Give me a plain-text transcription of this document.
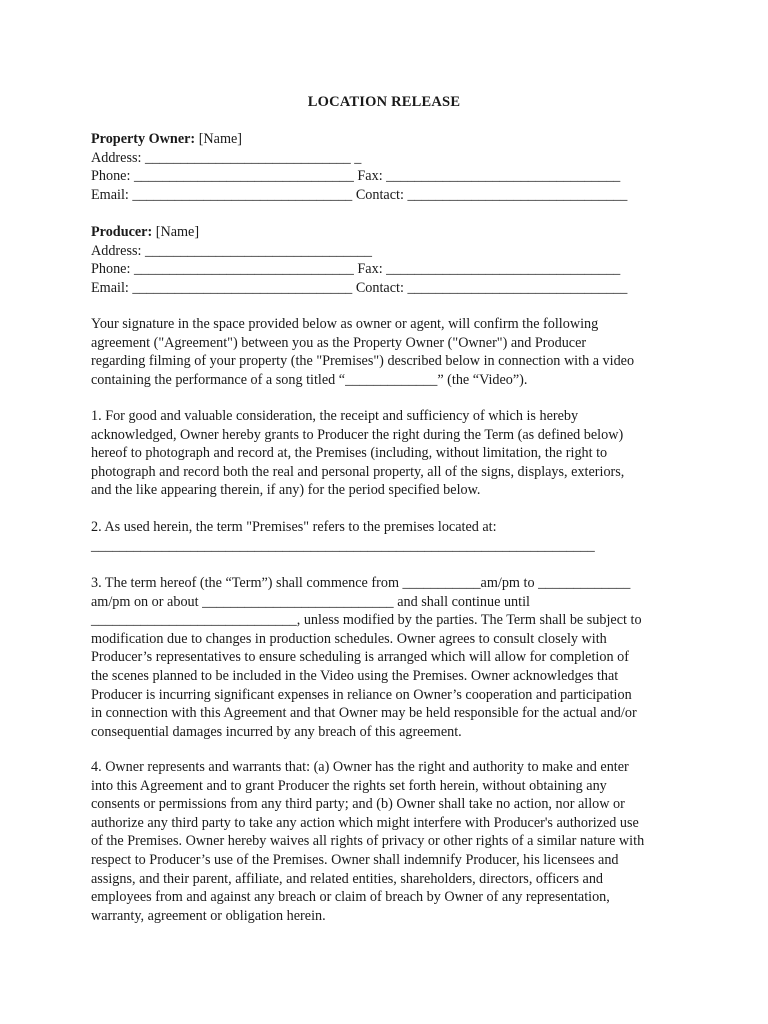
LOCATION RELEASE
Property Owner: [Name]
Address: _____________________________ _
Phone: _______________________________ Fax: _________________________________
Email: _______________________________ Contact: _______________________________
Producer: [Name]
Address: ________________________________
Phone: _______________________________ Fax: _________________________________
Email: _______________________________ Contact: _______________________________
Your signature in the space provided below as owner or agent, will confirm the following
agreement ("Agreement") between you as the Property Owner ("Owner") and Producer
regarding filming of your property (the "Premises") described below in connection with a video
containing the performance of a song titled “_____________” (the “Video”).
1. For good and valuable consideration, the receipt and sufficiency of which is hereby
acknowledged, Owner hereby grants to Producer the right during the Term (as defined below)
hereof to photograph and record at, the Premises (including, without limitation, the right to
photograph and record both the real and personal property, all of the signs, displays, exteriors,
and the like appearing therein, if any) for the period specified below.
2. As used herein, the term "Premises" refers to the premises located at:
_______________________________________________________________________
3. The term hereof (the “Term”) shall commence from ___________am/pm to _____________
am/pm on or about ___________________________ and shall continue until
_____________________________, unless modified by the parties. The Term shall be subject to
modification due to changes in production schedules. Owner agrees to consult closely with
Producer’s representatives to ensure scheduling is arranged which will allow for completion of
the scenes planned to be included in the Video using the Premises. Owner acknowledges that
Producer is incurring significant expenses in reliance on Owner’s cooperation and participation
in connection with this Agreement and that Owner may be held responsible for the actual and/or
consequential damages incurred by any breach of this agreement.
4. Owner represents and warrants that: (a) Owner has the right and authority to make and enter
into this Agreement and to grant Producer the rights set forth herein, without obtaining any
consents or permissions from any third party; and (b) Owner shall take no action, nor allow or
authorize any third party to take any action which might interfere with Producer's authorized use
of the Premises. Owner hereby waives all rights of privacy or other rights of a similar nature with
respect to Producer’s use of the Premises. Owner shall indemnify Producer, his licensees and
assigns, and their parent, affiliate, and related entities, shareholders, directors, officers and
employees from and against any breach or claim of breach by Owner of any representation,
warranty, agreement or obligation herein.
